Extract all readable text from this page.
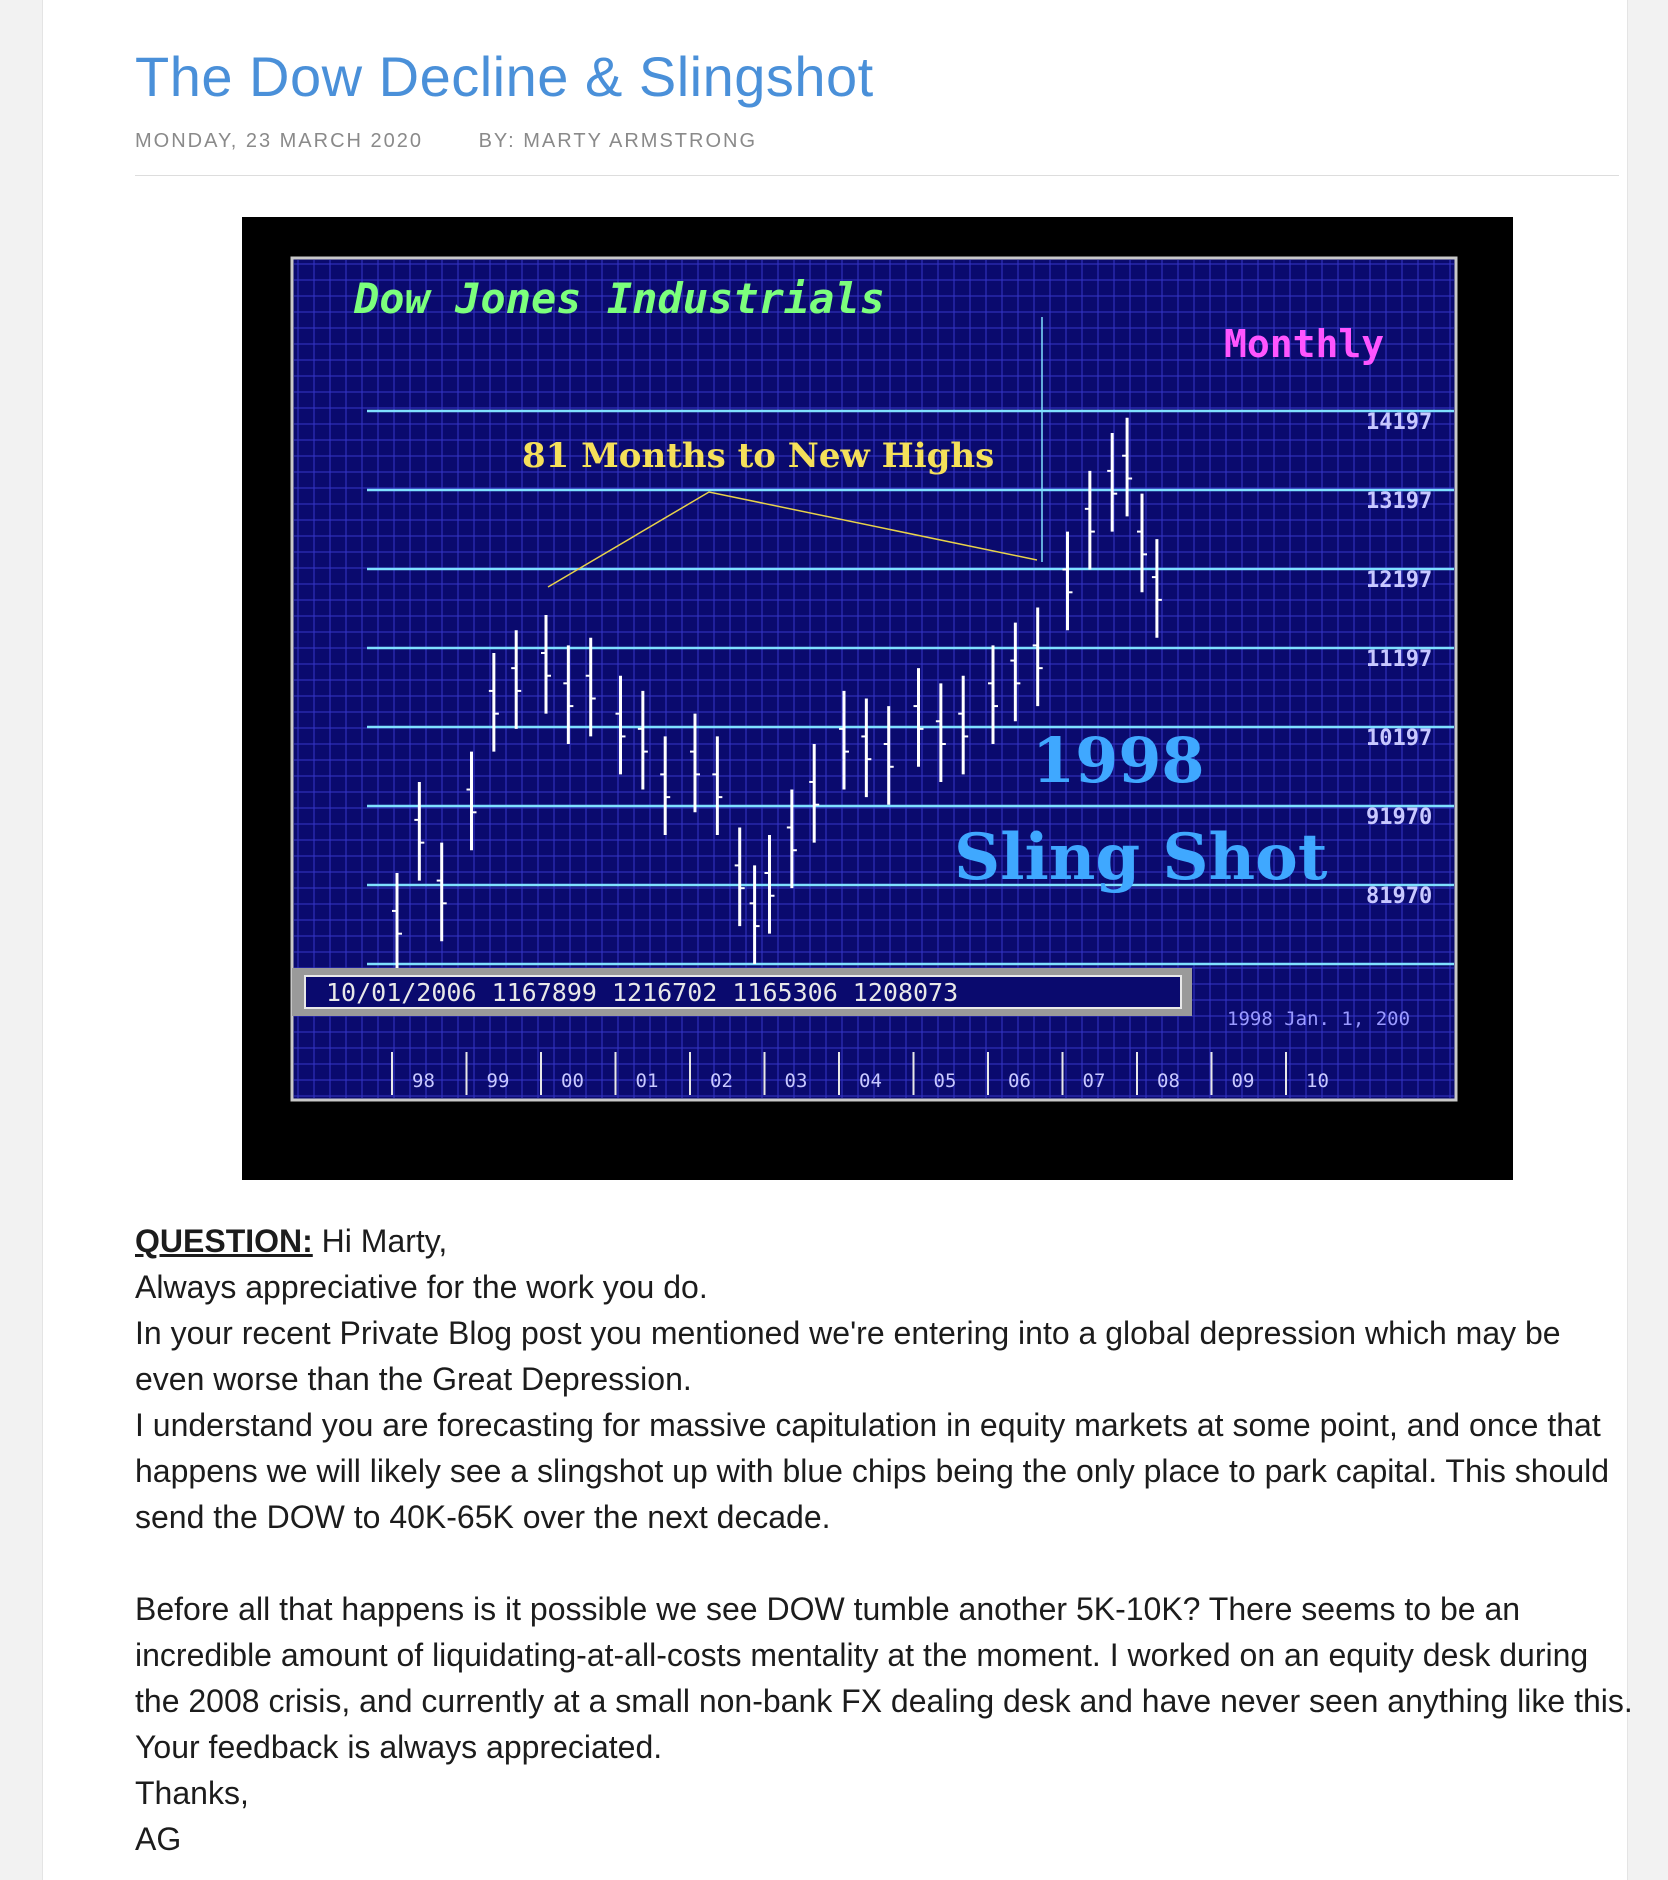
The Dow Decline & Slingshot
MONDAY, 23 MARCH 2020	BY: MARTY ARMSTRONG
Dow Jones Industrials
Monthly
81 Months to New Highs
1998
Sling Shot
14197
13197
12197
11197
10197
91970
81970
10/01/2006 1167899 1216702 1165306 1208073
1998 Jan. 1, 200
98	99	00	01	02	03	04	05	06	07	08	09	10

QUESTION: Hi Marty,

Always appreciative for the work you do.

In your recent Private Blog post you mentioned we're entering into a global depression which may be even worse than the Great Depression.

I understand you are forecasting for massive capitulation in equity markets at some point, and once that happens we will likely see a slingshot up with blue chips being the only place to park capital. This should send the DOW to 40K-65K over the next decade.

Before all that happens is it possible we see DOW tumble another 5K-10K? There seems to be an incredible amount of liquidating-at-all-costs mentality at the moment. I worked on an equity desk during the 2008 crisis, and currently at a small non-bank FX dealing desk and have never seen anything like this. Your feedback is always appreciated.

Thanks,

AG
